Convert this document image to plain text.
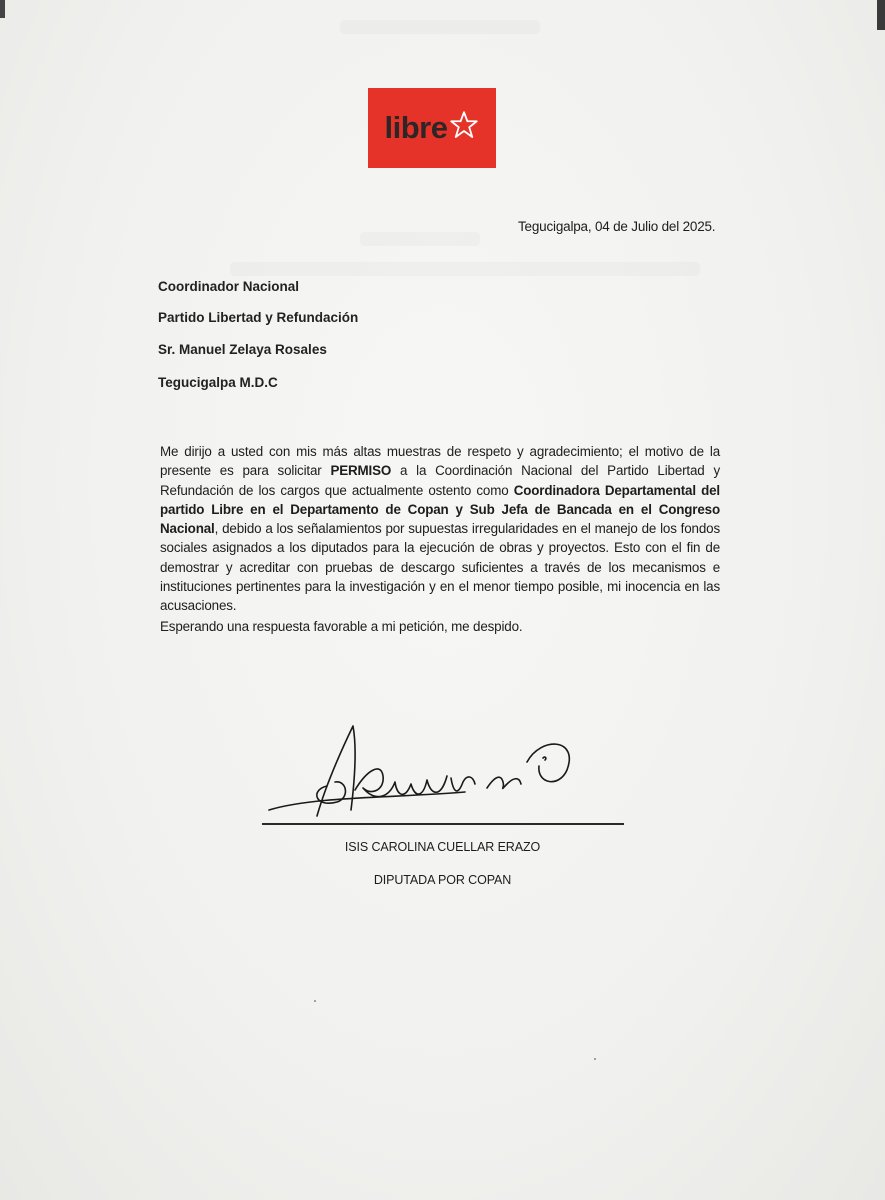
libre
Tegucigalpa, 04 de Julio del 2025.
Coordinador Nacional
Partido Libertad y Refundación
Sr. Manuel Zelaya Rosales
Tegucigalpa M.D.C
Me dirijo a usted con mis más altas muestras de respeto y agradecimiento; el motivo de la presente es para solicitar PERMISO a la Coordinación Nacional del Partido Libertad y Refundación de los cargos que actualmente ostento como Coordinadora Departamental del partido Libre en el Departamento de Copan y Sub Jefa de Bancada en el Congreso Nacional, debido a los señalamientos por supuestas irregularidades en el manejo de los fondos sociales asignados a los diputados para la ejecución de obras y proyectos. Esto con el fin de demostrar y acreditar con pruebas de descargo suficientes a través de los mecanismos e instituciones pertinentes para la investigación y en el menor tiempo posible, mi inocencia en las acusaciones.
Esperando una respuesta favorable a mi petición, me despido.
ISIS CAROLINA CUELLAR ERAZO
DIPUTADA POR COPAN
